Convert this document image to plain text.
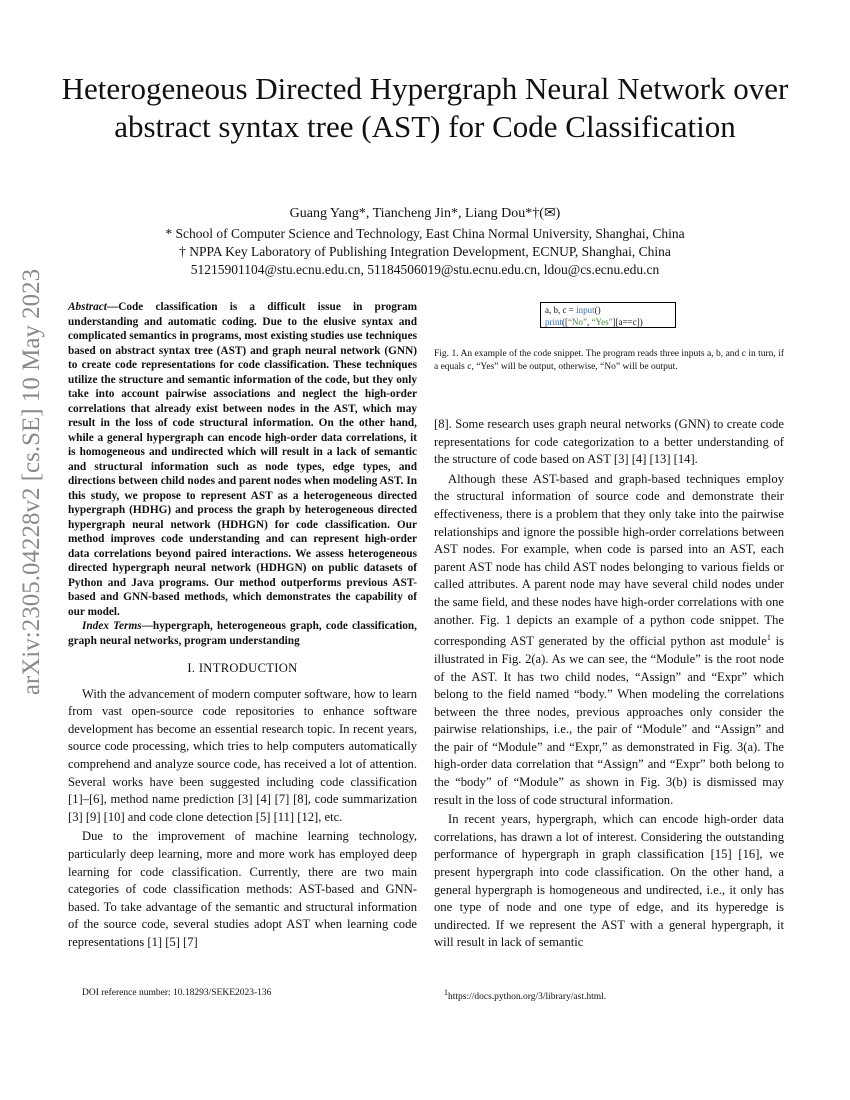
arXiv:2305.04228v2 [cs.SE] 10 May 2023
Heterogeneous Directed Hypergraph Neural Network over abstract syntax tree (AST) for Code Classification
Guang Yang*, Tiancheng Jin*, Liang Dou*†(✉)
* School of Computer Science and Technology, East China Normal University, Shanghai, China
† NPPA Key Laboratory of Publishing Integration Development, ECNUP, Shanghai, China
51215901104@stu.ecnu.edu.cn, 51184506019@stu.ecnu.edu.cn, ldou@cs.ecnu.edu.cn

Abstract—Code classification is a difficult issue in program understanding and automatic coding. Due to the elusive syntax and complicated semantics in programs, most existing studies use techniques based on abstract syntax tree (AST) and graph neural network (GNN) to create code representations for code classification. These techniques utilize the structure and semantic information of the code, but they only take into account pairwise associations and neglect the high-order correlations that already exist between nodes in the AST, which may result in the loss of code structural information. On the other hand, while a general hypergraph can encode high-order data correlations, it is homogeneous and undirected which will result in a lack of semantic and structural information such as node types, edge types, and directions between child nodes and parent nodes when modeling AST. In this study, we propose to represent AST as a heterogeneous directed hypergraph (HDHG) and process the graph by heterogeneous directed hypergraph neural network (HDHGN) for code classification. Our method improves code understanding and can represent high-order data correlations beyond paired interactions. We assess heterogeneous directed hypergraph neural network (HDHGN) on public datasets of Python and Java programs. Our method outperforms previous AST-based and GNN-based methods, which demonstrates the capability of our model.

Index Terms—hypergraph, heterogeneous graph, code classification, graph neural networks, program understanding

I. INTRODUCTION

With the advancement of modern computer software, how to learn from vast open-source code repositories to enhance software development has become an essential research topic. In recent years, source code processing, which tries to help computers automatically comprehend and analyze source code, has received a lot of attention. Several works have been suggested including code classification [1]–[6], method name prediction [3] [4] [7] [8], code summarization [3] [9] [10] and code clone detection [5] [11] [12], etc.

Due to the improvement of machine learning technology, particularly deep learning, more and more work has employed deep learning for code classification. Currently, there are two main categories of code classification methods: AST-based and GNN-based. To take advantage of the semantic and structural information of the source code, several studies adopt AST when learning code representations [1] [5] [7]

a, b, c = input()
print([“No”, “Yes”][a==c])
Fig. 1. An example of the code snippet. The program reads three inputs a, b, and c in turn, if a equals c, “Yes” will be output, otherwise, “No” will be output.

[8]. Some research uses graph neural networks (GNN) to create code representations for code categorization to a better understanding of the structure of code based on AST [3] [4] [13] [14].

Although these AST-based and graph-based techniques employ the structural information of source code and demonstrate their effectiveness, there is a problem that they only take into the pairwise relationships and ignore the possible high-order correlations between AST nodes. For example, when code is parsed into an AST, each parent AST node has child AST nodes belonging to various fields or called attributes. A parent node may have several child nodes under the same field, and these nodes have high-order correlations with one another. Fig. 1 depicts an example of a python code snippet. The corresponding AST generated by the official python ast module$^1$ is illustrated in Fig. 2(a). As we can see, the “Module” is the root node of the AST. It has two child nodes, “Assign” and “Expr” which belong to the field named “body.” When modeling the correlations between the three nodes, previous approaches only consider the pairwise relationships, i.e., the pair of “Module” and “Assign” and the pair of “Module” and “Expr,” as demonstrated in Fig. 3(a). The high-order data correlation that “Assign” and “Expr” both belong to the “body” of “Module” as shown in Fig. 3(b) is dismissed may result in the loss of code structural information.

In recent years, hypergraph, which can encode high-order data correlations, has drawn a lot of interest. Considering the outstanding performance of hypergraph in graph classification [15] [16], we present hypergraph into code classification. On the other hand, a general hypergraph is homogeneous and undirected, i.e., it only has one type of node and one type of edge, and its hyperedge is undirected. If we represent the AST with a general hypergraph, it will result in lack of semantic

DOI reference number: 10.18293/SEKE2023-136	$^1$https://docs.python.org/3/library/ast.html.
